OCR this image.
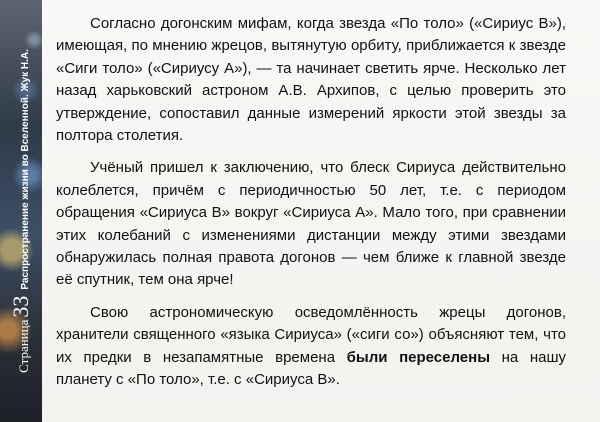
Страница
33
Распространение жизни во Вселенной. Жук Н.А.

Согласно догонским мифам, когда звезда «По толо» («Сириус В»), имеющая, по мнению жрецов, вытянутую орбиту, приближается к звезде «Сиги толо» («Сириусу А»), — та начинает светить ярче. Несколько лет назад харьковский астроном А.В. Архипов, с целью проверить это утверждение, сопоставил данные измерений яркости этой звезды за полтора столетия.

Учёный пришел к заключению, что блеск Сириуса действительно колеблется, причём с периодичностью 50 лет, т.е. с периодом обращения «Сириуса В» вокруг «Сириуса А». Мало того, при сравнении этих колебаний с изменениями дистанции между этими звездами обнаружилась полная правота догонов — чем ближе к главной звезде её спутник, тем она ярче!

Свою астрономическую осведомлённость жрецы догонов, хранители священного «языка Сириуса» («сиги со») объясняют тем, что их предки в незапамятные времена были переселены на нашу планету с «По толо», т.е. с «Сириуса В».
